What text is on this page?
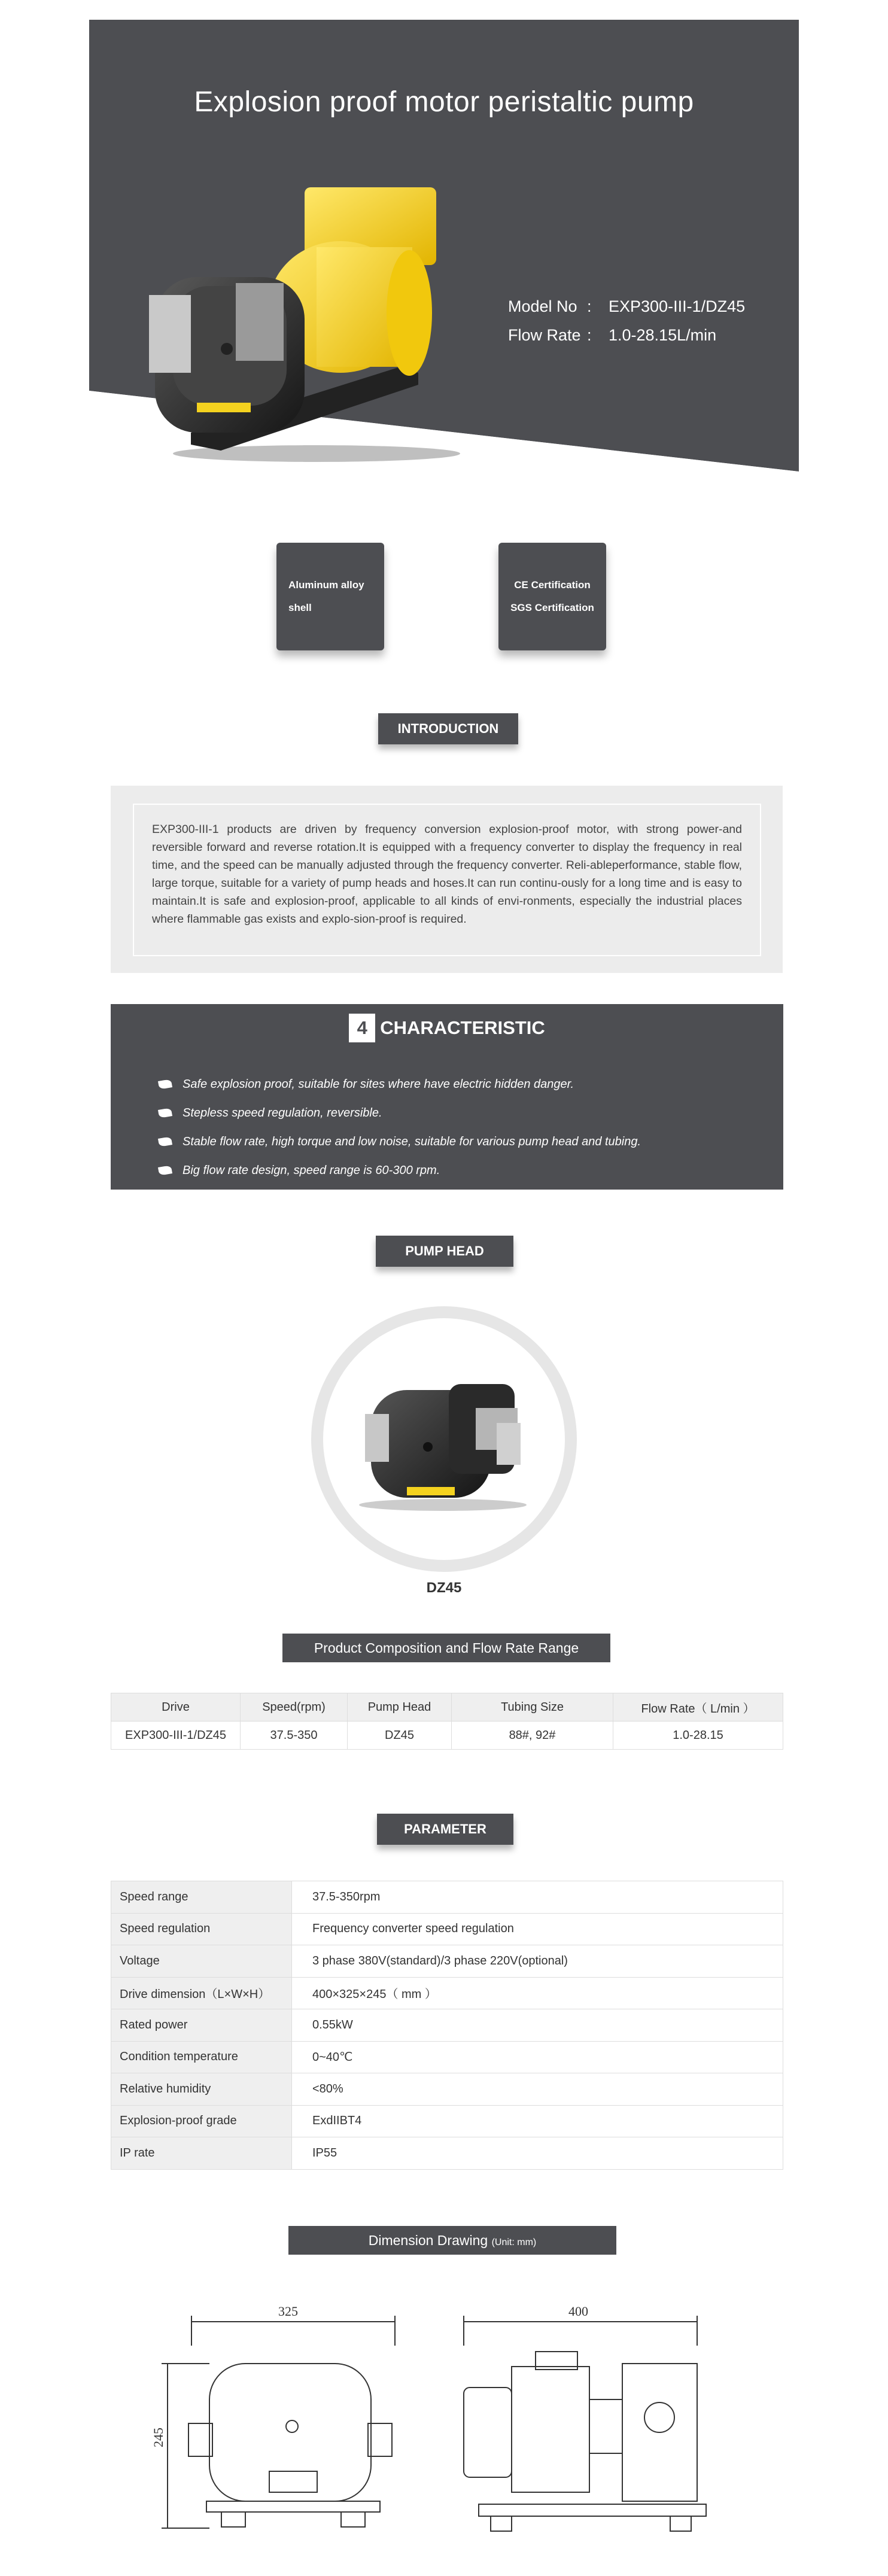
Explosion proof motor peristaltic pump
Model No : EXP300-III-1/DZ45
Flow Rate : 1.0-28.15L/min
Aluminum alloy
shell
CE Certification
SGS Certification
INTRODUCTION
EXP300-III-1 products are driven by frequency conversion explosion-proof motor, with strong power-and reversible forward and reverse rotation.It is equipped with a frequency converter to display the frequency in real time, and the speed can be manually adjusted through the frequency converter. Reli-ableperformance, stable flow, large torque, suitable for a variety of pump heads and hoses.It can run continu-ously for a long time and is easy to maintain.It is safe and explosion-proof, applicable to all kinds of envi-ronments, especially the industrial places where flammable gas exists and explo-sion-proof is required.
4 CHARACTERISTIC
Safe explosion proof, suitable for sites where have electric hidden danger.
Stepless speed regulation, reversible.
Stable flow rate, high torque and low noise, suitable for various pump head and tubing.
Big flow rate design, speed range is 60-300 rpm.
PUMP HEAD
DZ45
Product Composition and Flow Rate Range
Drive	Speed(rpm)	Pump Head	Tubing Size	Flow Rate（ L/min ）
EXP300-III-1/DZ45	37.5-350	DZ45	88#, 92#	1.0-28.15
PARAMETER
Speed range	37.5-350rpm
Speed regulation	Frequency converter speed regulation
Voltage	3 phase 380V(standard)/3 phase 220V(optional)
Drive dimension（L×W×H）	400×325×245（ mm ）
Rated power	0.55kW
Condition temperature	0~40℃
Relative humidity	<80%
Explosion-proof grade	ExdIIBT4
IP rate	IP55
Dimension Drawing (Unit: mm)
325
245
400
